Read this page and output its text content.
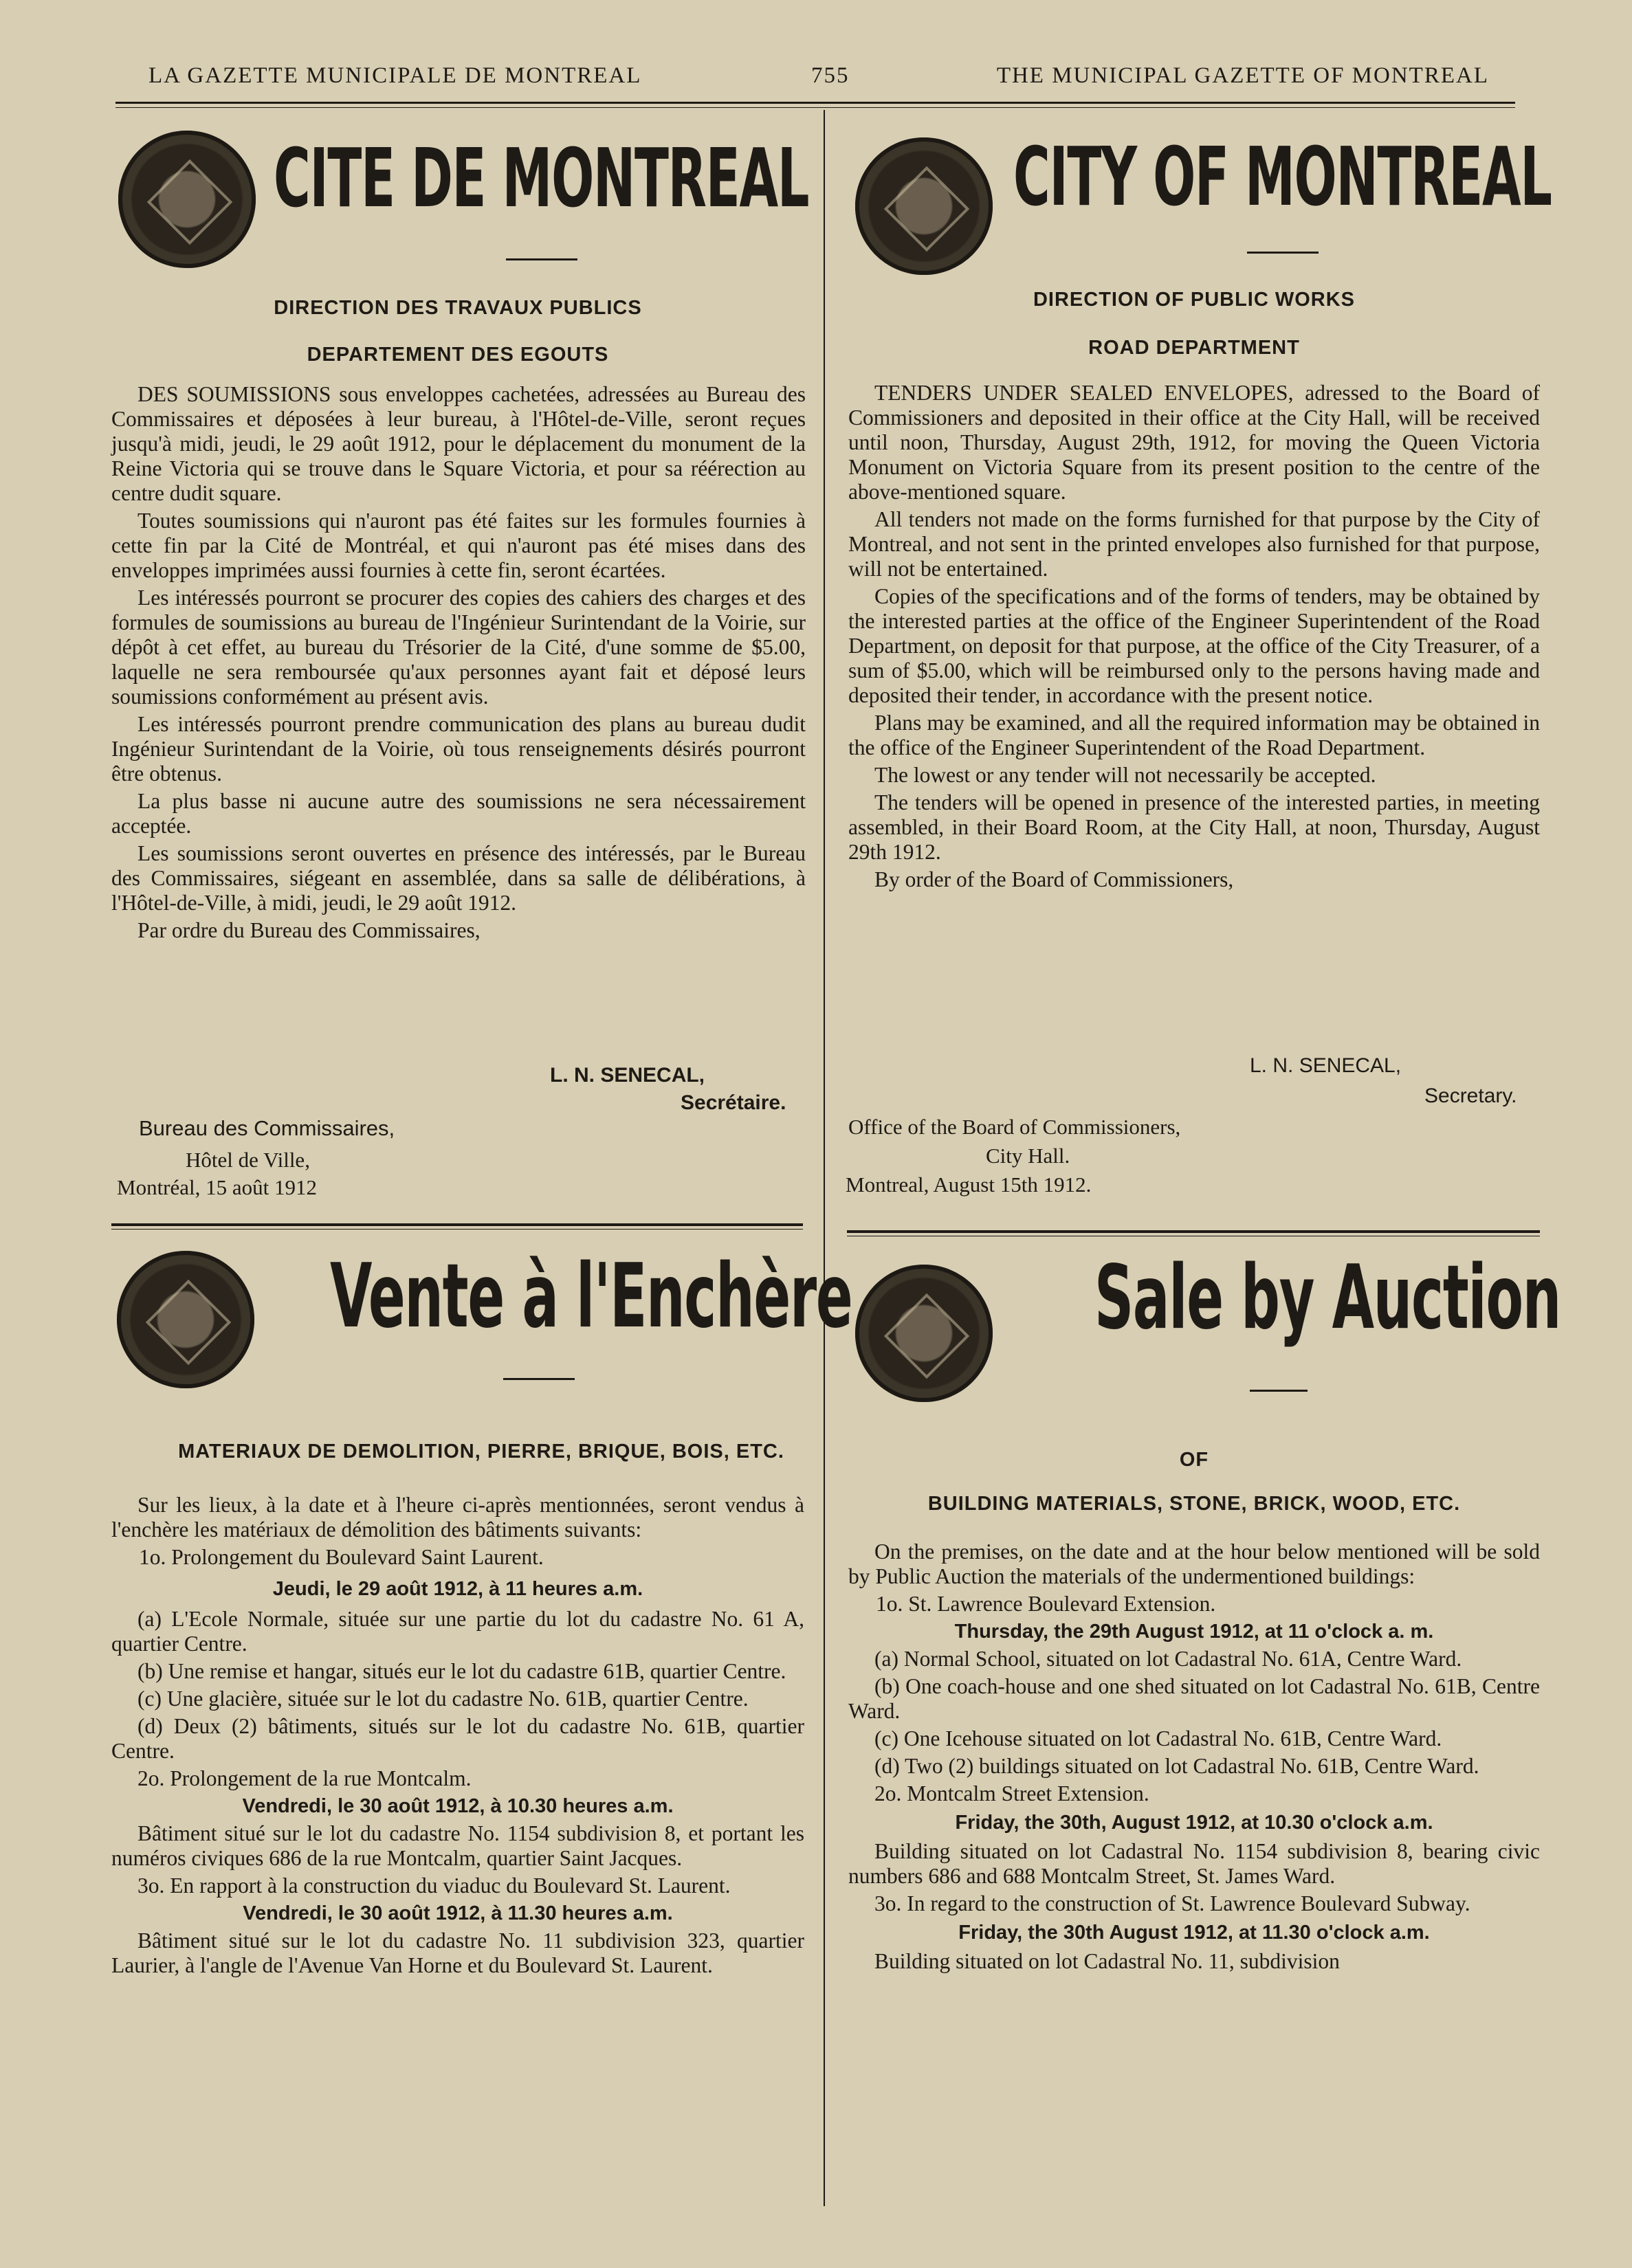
LA GAZETTE MUNICIPALE DE MONTREAL	755	THE MUNICIPAL GAZETTE OF MONTREAL
CITE DE MONTREAL
DIRECTION DES TRAVAUX PUBLICS
DEPARTEMENT DES EGOUTS

DES SOUMISSIONS sous enveloppes cachetées, adressées au Bureau des Commissaires et déposées à leur bureau, à l'Hôtel-de-Ville, seront reçues jusqu'à midi, jeudi, le 29 août 1912, pour le déplacement du monument de la Reine Victoria qui se trouve dans le Square Victoria, et pour sa réérection au centre dudit square.

Toutes soumissions qui n'auront pas été faites sur les formules fournies à cette fin par la Cité de Montréal, et qui n'auront pas été mises dans des enveloppes imprimées aussi fournies à cette fin, seront écartées.

Les intéressés pourront se procurer des copies des cahiers des charges et des formules de soumissions au bureau de l'Ingénieur Surintendant de la Voirie, sur dépôt à cet effet, au bureau du Trésorier de la Cité, d'une somme de $5.00, laquelle ne sera remboursée qu'aux personnes ayant fait et déposé leurs soumissions conformément au présent avis.

Les intéressés pourront prendre communication des plans au bureau dudit Ingénieur Surintendant de la Voirie, où tous renseignements désirés pourront être obtenus.

La plus basse ni aucune autre des soumissions ne sera nécessairement acceptée.

Les soumissions seront ouvertes en présence des intéressés, par le Bureau des Commissaires, siégeant en assemblée, dans sa salle de délibérations, à l'Hôtel-de-Ville, à midi, jeudi, le 29 août 1912.

Par ordre du Bureau des Commissaires,

L. N. SENECAL,
Secrétaire.
Bureau des Commissaires,
Hôtel de Ville,
Montréal, 15 août 1912
CITY OF MONTREAL
DIRECTION OF PUBLIC WORKS
ROAD DEPARTMENT

TENDERS UNDER SEALED ENVELOPES, adressed to the Board of Commissioners and deposited in their office at the City Hall, will be received until noon, Thursday, August 29th, 1912, for moving the Queen Victoria Monument on Victoria Square from its present position to the centre of the above-mentioned square.

All tenders not made on the forms furnished for that purpose by the City of Montreal, and not sent in the printed envelopes also furnished for that purpose, will not be entertained.

Copies of the specifications and of the forms of tenders, may be obtained by the interested parties at the office of the Engineer Superintendent of the Road Department, on deposit for that purpose, at the office of the City Treasurer, of a sum of $5.00, which will be reimbursed only to the persons having made and deposited their tender, in accordance with the present notice.

Plans may be examined, and all the required information may be obtained in the office of the Engineer Superintendent of the Road Department.

The lowest or any tender will not necessarily be accepted.

The tenders will be opened in presence of the interested parties, in meeting assembled, in their Board Room, at the City Hall, at noon, Thursday, August 29th 1912.

By order of the Board of Commissioners,

L. N. SENECAL,
Secretary.
Office of the Board of Commissioners,
City Hall.
Montreal, August 15th 1912.
Vente à l'Enchère
MATERIAUX DE DEMOLITION, PIERRE, BRIQUE, BOIS, ETC.

Sur les lieux, à la date et à l'heure ci-après mentionnées, seront vendus à l'enchère les matériaux de démolition des bâtiments suivants:

1o. Prolongement du Boulevard Saint Laurent.

Jeudi, le 29 août 1912, à 11 heures a.m.

(a) L'Ecole Normale, située sur une partie du lot du cadastre No. 61 A, quartier Centre.

(b) Une remise et hangar, situés eur le lot du cadastre 61B, quartier Centre.

(c) Une glacière, située sur le lot du cadastre No. 61B, quartier Centre.

(d) Deux (2) bâtiments, situés sur le lot du cadastre No. 61B, quartier Centre.

2o. Prolongement de la rue Montcalm.

Vendredi, le 30 août 1912, à 10.30 heures a.m.

Bâtiment situé sur le lot du cadastre No. 1154 subdivision 8, et portant les numéros civiques 686 de la rue Montcalm, quartier Saint Jacques.

3o. En rapport à la construction du viaduc du Boulevard St. Laurent.

Vendredi, le 30 août 1912, à 11.30 heures a.m.

Bâtiment situé sur le lot du cadastre No. 11 subdivision 323, quartier Laurier, à l'angle de l'Avenue Van Horne et du Boulevard St. Laurent.

Sale by Auction
OF
BUILDING MATERIALS, STONE, BRICK, WOOD, ETC.

On the premises, on the date and at the hour below mentioned will be sold by Public Auction the materials of the undermentioned buildings:

1o. St. Lawrence Boulevard Extension.

Thursday, the 29th August 1912, at 11 o'clock a. m.

(a) Normal School, situated on lot Cadastral No. 61A, Centre Ward.

(b) One coach-house and one shed situated on lot Cadastral No. 61B, Centre Ward.

(c) One Icehouse situated on lot Cadastral No. 61B, Centre Ward.

(d) Two (2) buildings situated on lot Cadastral No. 61B, Centre Ward.

2o. Montcalm Street Extension.

Friday, the 30th, August 1912, at 10.30 o'clock a.m.

Building situated on lot Cadastral No. 1154 subdivision 8, bearing civic numbers 686 and 688 Montcalm Street, St. James Ward.

3o. In regard to the construction of St. Lawrence Boulevard Subway.

Friday, the 30th August 1912, at 11.30 o'clock a.m.

Building situated on lot Cadastral No. 11, subdivision
